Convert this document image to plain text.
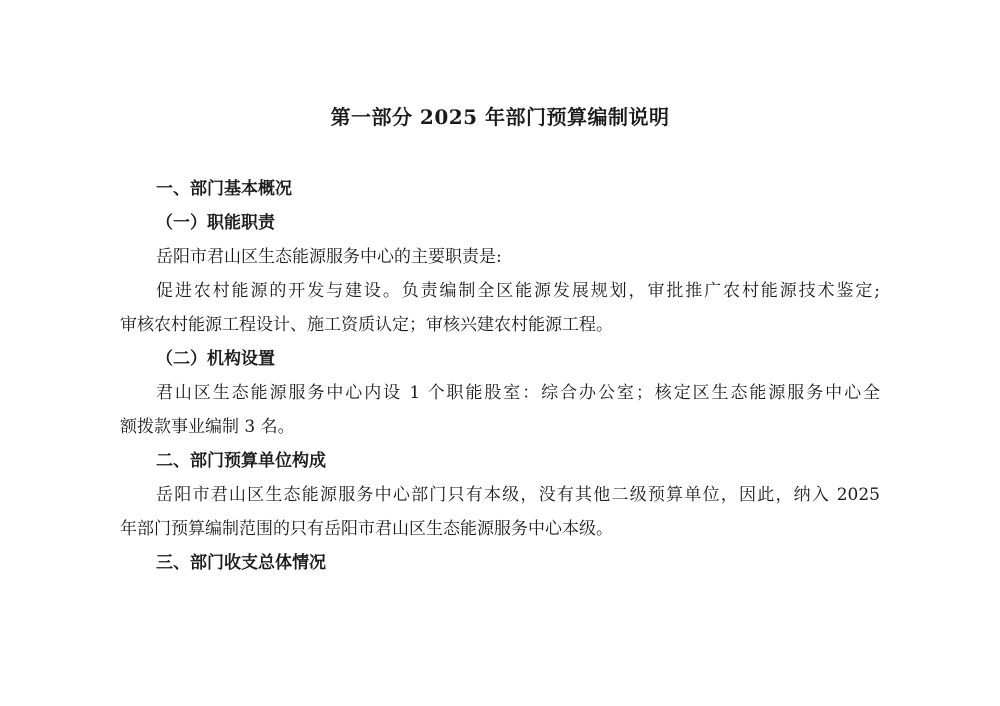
第一部分 2025 年部门预算编制说明
一、部门基本概况
（一）职能职责
岳阳市君山区生态能源服务中心的主要职责是:
促进农村能源的开发与建设。负责编制全区能源发展规划，审批推广农村能源技术鉴定;
审核农村能源工程设计、施工资质认定；审核兴建农村能源工程。
（二）机构设置
君山区生态能源服务中心内设 1 个职能股室：综合办公室；核定区生态能源服务中心全
额拨款事业编制 3 名。
二、部门预算单位构成
岳阳市君山区生态能源服务中心部门只有本级，没有其他二级预算单位，因此，纳入 2025
年部门预算编制范围的只有岳阳市君山区生态能源服务中心本级。
三、部门收支总体情况
